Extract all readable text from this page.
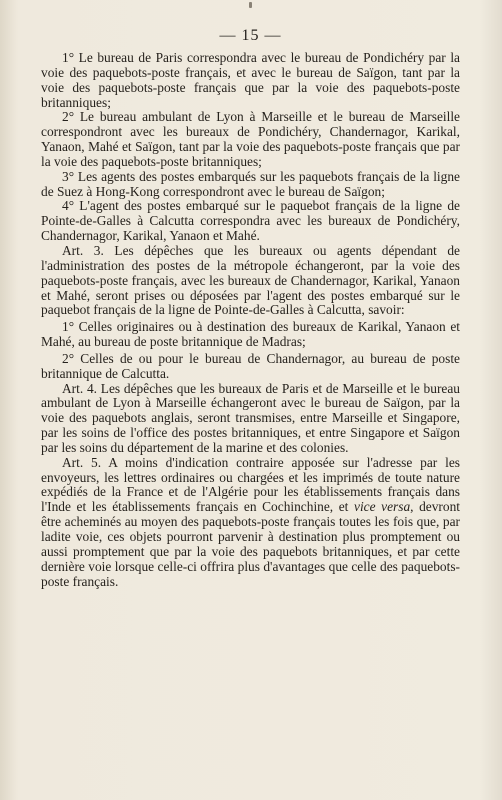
— 15 —

1° Le bureau de Paris correspondra avec le bureau de Pondichéry par la voie des paquebots-poste français, et avec le bureau de Saïgon, tant par la voie des paquebots-poste français que par la voie des paquebots-poste britanniques;

2° Le bureau ambulant de Lyon à Marseille et le bureau de Marseille correspondront avec les bureaux de Pondichéry, Chandernagor, Karikal, Yanaon, Mahé et Saïgon, tant par la voie des paquebots-poste français que par la voie des paquebots-poste britanniques;

3° Les agents des postes embarqués sur les paquebots français de la ligne de Suez à Hong-Kong correspondront avec le bureau de Saïgon;

4° L'agent des postes embarqué sur le paquebot français de la ligne de Pointe-de-Galles à Calcutta correspondra avec les bureaux de Pondichéry, Chandernagor, Karikal, Yanaon et Mahé.

Art. 3. Les dépêches que les bureaux ou agents dépendant de l'administration des postes de la métropole échangeront, par la voie des paquebots-poste français, avec les bureaux de Chandernagor, Karikal, Yanaon et Mahé, seront prises ou déposées par l'agent des postes embarqué sur le paquebot français de la ligne de Pointe-de-Galles à Calcutta, savoir:

1° Celles originaires ou à destination des bureaux de Karikal, Yanaon et Mahé, au bureau de poste britannique de Madras;

2° Celles de ou pour le bureau de Chandernagor, au bureau de poste britannique de Calcutta.

Art. 4. Les dépêches que les bureaux de Paris et de Marseille et le bureau ambulant de Lyon à Marseille échangeront avec le bureau de Saïgon, par la voie des paquebots anglais, seront transmises, entre Marseille et Singapore, par les soins de l'office des postes britanniques, et entre Singapore et Saïgon par les soins du département de la marine et des colonies.

Art. 5. A moins d'indication contraire apposée sur l'adresse par les envoyeurs, les lettres ordinaires ou chargées et les imprimés de toute nature expédiés de la France et de l'Algérie pour les établissements français dans l'Inde et les établissements français en Cochinchine, et vice versa, devront être acheminés au moyen des paquebots-poste français toutes les fois que, par ladite voie, ces objets pourront parvenir à destination plus promptement ou aussi promptement que par la voie des paquebots britanniques, et par cette dernière voie lorsque celle-ci offrira plus d'avantages que celle des paquebots-poste français.
